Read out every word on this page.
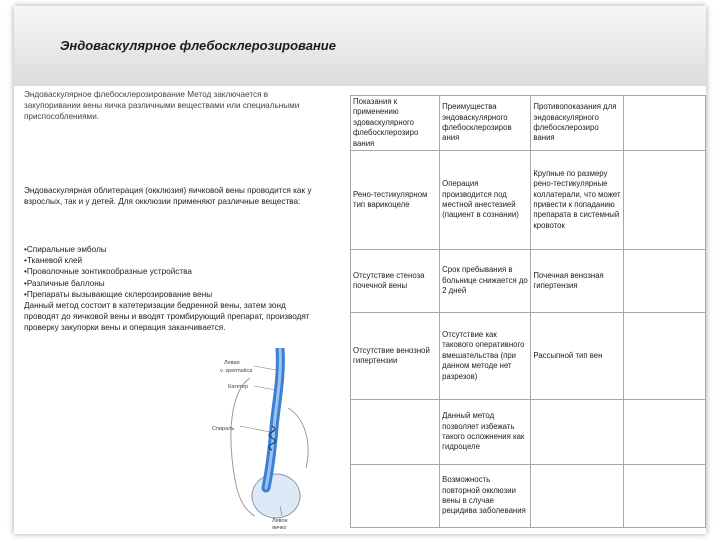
Эндоваскулярное флебосклерозирование
Эндоваскулярное флебосклерозирование Метод заключается в закупоривании вены яичка различными веществами или специальными приспособлениями.
Эндоваскулярная облитерация (окклюзия) яичковой вены проводится как у взрослых, так и у детей. Для окклюзии применяют различные вещества:
•Спиральные эмболы
•Тканевой клей
•Проволочные зонтикообразные устройства
•Различные баллоны
•Препараты вызывающие склерозирование вены
Данный метод состоит в катетеризации бедренной вены, затем зонд проводят до яичковой вены и вводят тромбирующий препарат, производят проверку закупорки вены и операция заканчивается.
Левая
v. spermatica
Катетер
Спираль
Левое
яичко
Показания к применению эдоваскулярного флебосклерозиро вания	Преимущества эндоваскулярного флебосклерозиров ания	Противопоказания для эндоваскулярного флебосклерозиро вания	
Рено-тестикулярном тип варикоцеле	Операция производится под местной анестезией (пациент в сознании)	Крупные по размеру рено-тестикулярные коллатерали, что может привести к попаданию препарата в системный кровоток	
Отсутствие стеноза почечной вены	Срок пребывания в больнице снижается до 2 дней	Почечная венозная гипертензия	
Отсутствие венозной гипертензии	Отсутствие как такового оперативного вмешательства (при данном методе нет разрезов)	Рассыпной тип вен	
	Данный метод позволяет избежать такого осложнения как гидроцеле		
	Возможность повторной окклюзии вены в случае рецидива заболевания		
